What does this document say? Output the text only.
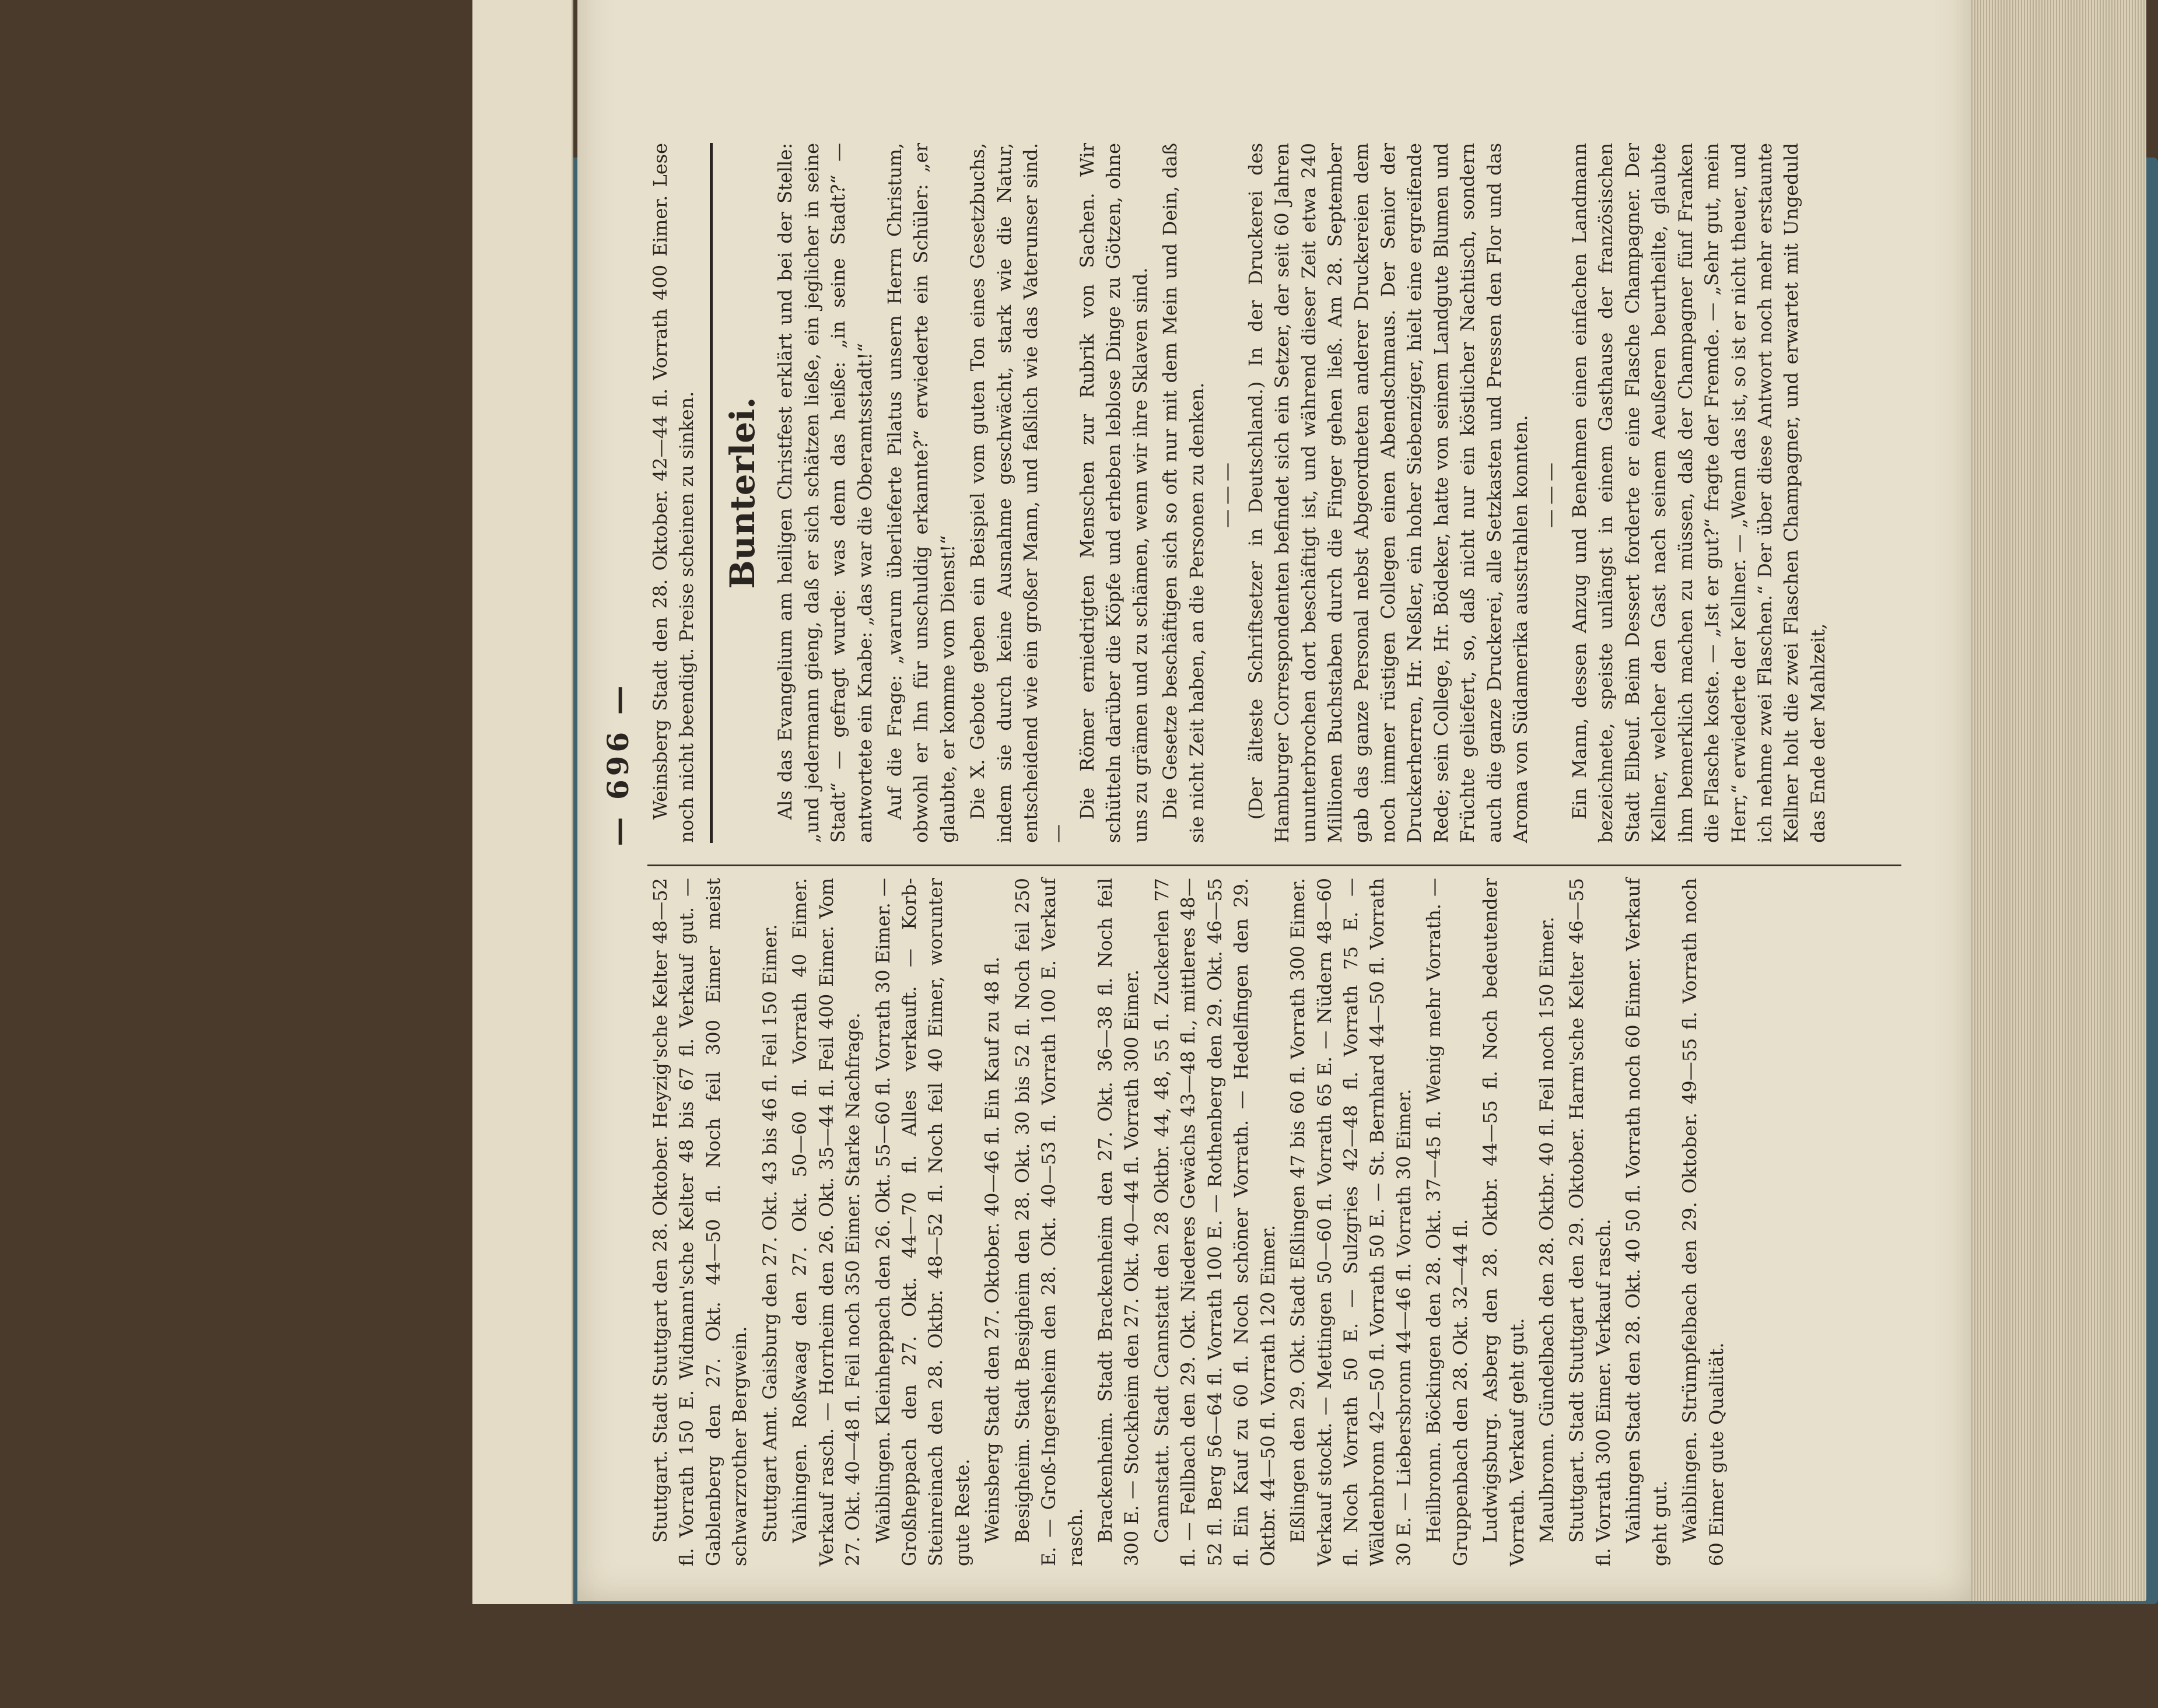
— 696 —

Stuttgart. Stadt Stuttgart den 28. Oktober. Heyzig'sche Kelter 48—52 fl. Vorrath 150 E. Widmann'sche Kelter 48 bis 67 fl. Verkauf gut. — Gablenberg den 27. Okt. 44—50 fl. Noch feil 300 Eimer meist schwarzrother Bergwein. Stuttgart Amt. Gaisburg den 27. Okt. 43 bis 46 fl. Feil 150 Eimer. Vaihingen. Roßwaag den 27. Okt. 50—60 fl. Vorrath 40 Eimer. Verkauf rasch. — Horrheim den 26. Okt. 35—44 fl. Feil 400 Eimer. Vom 27. Okt. 40—48 fl. Feil noch 350 Eimer. Starke Nachfrage. Waiblingen. Kleinheppach den 26. Okt. 55—60 fl. Vorrath 30 Eimer. — Großheppach den 27. Okt. 44—70 fl. Alles verkauft. — Korb-Steinreinach den 28. Oktbr. 48—52 fl. Noch feil 40 Eimer, worunter gute Reste. Weinsberg Stadt den 27. Oktober. 40—46 fl. Ein Kauf zu 48 fl. Besigheim. Stadt Besigheim den 28. Okt. 30 bis 52 fl. Noch feil 250 E. — Groß-Ingersheim den 28. Okt. 40—53 fl. Vorrath 100 E. Verkauf rasch. Brackenheim. Stadt Brackenheim den 27. Okt. 36—38 fl. Noch feil 300 E. — Stockheim den 27. Okt. 40—44 fl. Vorrath 300 Eimer. Cannstatt. Stadt Cannstatt den 28 Oktbr. 44, 48, 55 fl. Zuckerlen 77 fl. — Fellbach den 29. Okt. Niederes Gewächs 43—48 fl., mittleres 48—52 fl. Berg 56—64 fl. Vorrath 100 E. — Rothenberg den 29. Okt. 46—55 fl. Ein Kauf zu 60 fl. Noch schöner Vorrath. — Hedelfingen den 29. Oktbr. 44—50 fl. Vorrath 120 Eimer. Eßlingen den 29. Okt. Stadt Eßlingen 47 bis 60 fl. Vorrath 300 Eimer. Verkauf stockt. — Mettingen 50—60 fl. Vorrath 65 E. — Nüdern 48—60 fl. Noch Vorrath 50 E. — Sulzgries 42—48 fl. Vorrath 75 E. — Wäldenbronn 42—50 fl. Vorrath 50 E. — St. Bernhard 44—50 fl. Vorrath 30 E. — Liebersbronn 44—46 fl. Vorrath 30 Eimer. Heilbronn. Böckingen den 28. Okt. 37—45 fl. Wenig mehr Vorrath. — Gruppenbach den 28. Okt. 32—44 fl. Ludwigsburg. Asberg den 28. Oktbr. 44—55 fl. Noch bedeutender Vorrath. Verkauf geht gut. Maulbronn. Gündelbach den 28. Oktbr. 40 fl. Feil noch 150 Eimer. Stuttgart. Stadt Stuttgart den 29. Oktober. Harm'sche Kelter 46—55 fl. Vorrath 300 Eimer. Verkauf rasch. Vaihingen Stadt den 28. Okt. 40 50 fl. Vorrath noch 60 Eimer. Verkauf geht gut. Waiblingen. Strümpfelbach den 29. Oktober. 49—55 fl. Vorrath noch 60 Eimer gute Qualität.

Weinsberg Stadt den 28. Oktober. 42—44 fl. Vorrath 400 Eimer. Lese noch nicht beendigt. Preise scheinen zu sinken. Bunterlei. Als das Evangelium am heiligen Christfest erklärt und bei der Stelle: „und jedermann gieng, daß er sich schätzen ließe, ein jeglicher in seine Stadt“ — gefragt wurde: was denn das heiße: „in seine Stadt?“ — antwortete ein Knabe: „das war die Oberamtsstadt!“ Auf die Frage: „warum überlieferte Pilatus unsern Herrn Christum, obwohl er Ihn für unschuldig erkannte?“ erwiederte ein Schüler: „er glaubte, er komme vom Dienst!“ Die X. Gebote geben ein Beispiel vom guten Ton eines Gesetzbuchs, indem sie durch keine Ausnahme geschwächt, stark wie die Natur, entscheidend wie ein großer Mann, und faßlich wie das Vaterunser sind. —

Die Römer erniedrigten Menschen zur Rubrik von Sachen. Wir schütteln darüber die Köpfe und erheben leblose Dinge zu Götzen, ohne uns zu grämen und zu schämen, wenn wir ihre Sklaven sind. Die Gesetze beschäftigen sich so oft nur mit dem Mein und Dein, daß sie nicht Zeit haben, an die Personen zu denken. ——— (Der älteste Schriftsetzer in Deutschland.) In der Druckerei des Hamburger Correspondenten befindet sich ein Setzer, der seit 60 Jahren ununterbrochen dort beschäftigt ist, und während dieser Zeit etwa 240 Millionen Buchstaben durch die Finger gehen ließ. Am 28. September gab das ganze Personal nebst Abgeordneten anderer Druckereien dem noch immer rüstigen Collegen einen Abendschmaus. Der Senior der Druckerherren, Hr. Neßler, ein hoher Siebenziger, hielt eine ergreifende Rede; sein College, Hr. Bödeker, hatte von seinem Landgute Blumen und Früchte geliefert, so, daß nicht nur ein köstlicher Nachtisch, sondern auch die ganze Druckerei, alle Setzkasten und Pressen den Flor und das Aroma von Südamerika ausstrahlen konnten. ——— Ein Mann, dessen Anzug und Benehmen einen einfachen Landmann bezeichnete, speiste unlängst in einem Gasthause der französischen Stadt Elbeuf. Beim Dessert forderte er eine Flasche Champagner. Der Kellner, welcher den Gast nach seinem Aeußeren beurtheilte, glaubte ihm bemerklich machen zu müssen, daß der Champagner fünf Franken die Flasche koste. — „Ist er gut?“ fragte der Fremde. — „Sehr gut, mein Herr,“ erwiederte der Kellner. — „Wenn das ist, so ist er nicht theuer, und ich nehme zwei Flaschen.“ Der über diese Antwort noch mehr erstaunte Kellner holt die zwei Flaschen Champagner, und erwartet mit Ungeduld das Ende der Mahlzeit,
